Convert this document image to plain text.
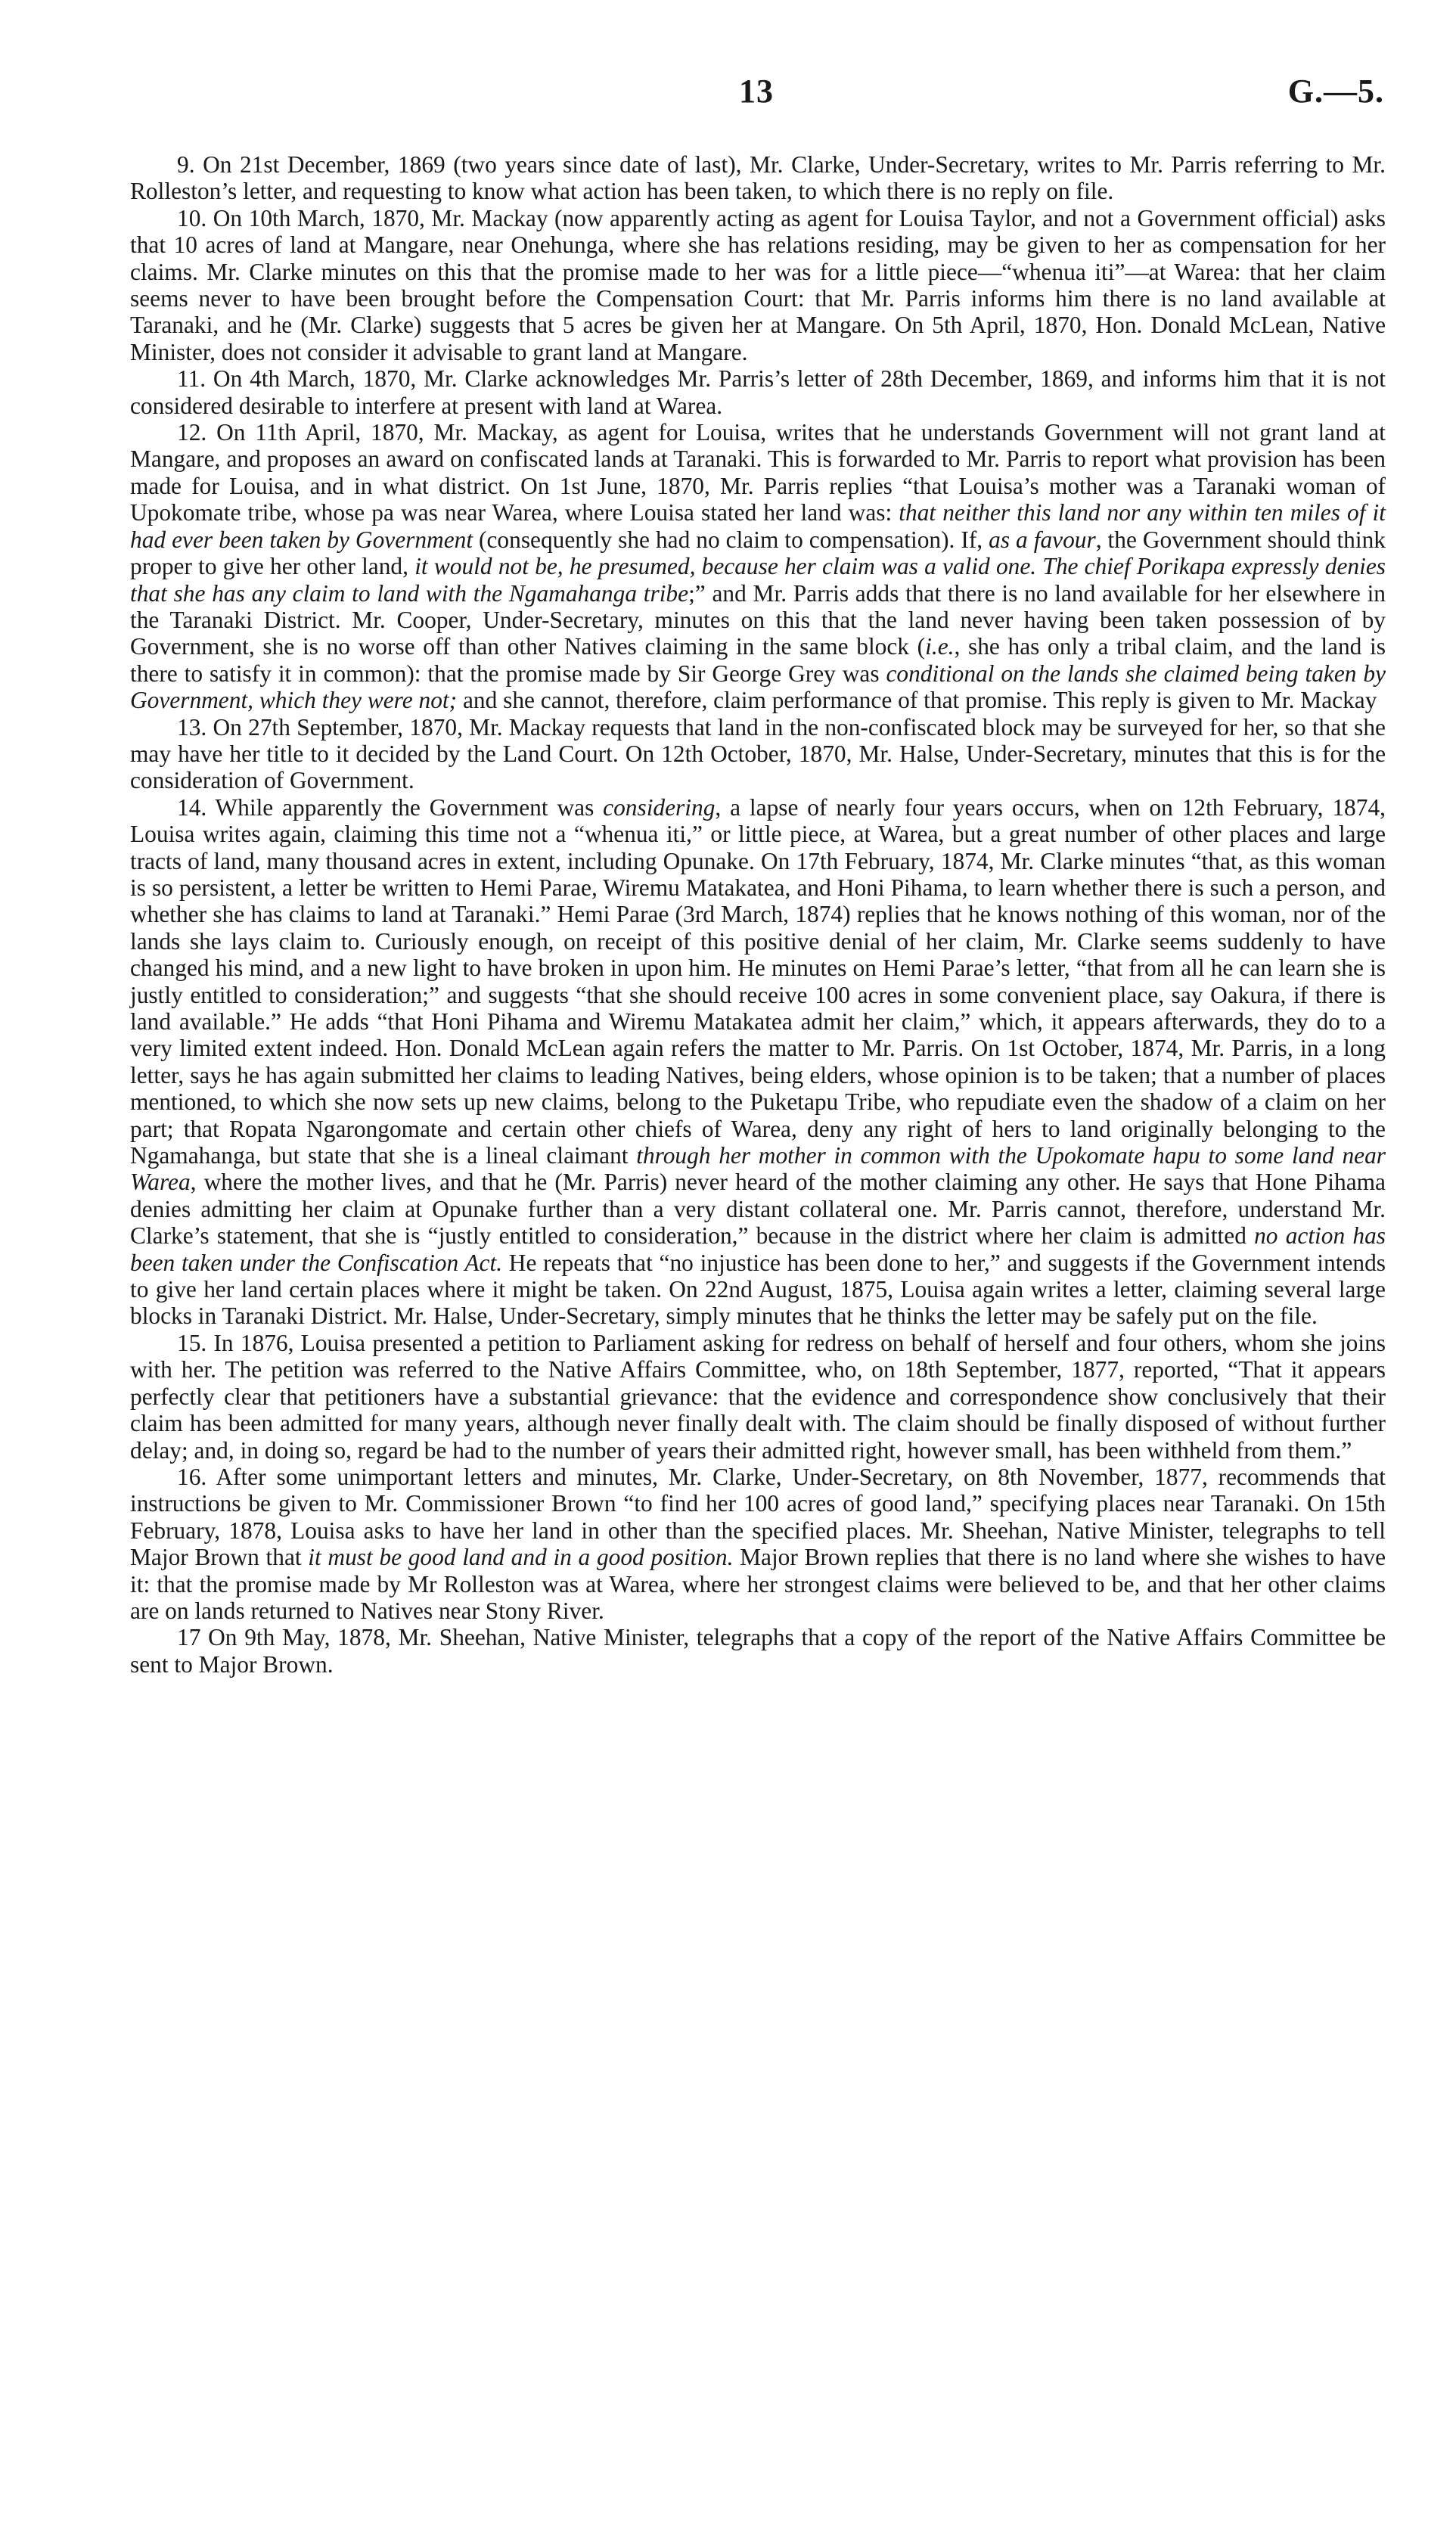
13	G.—5.

9. On 21st December, 1869 (two years since date of last), Mr. Clarke, Under-Secretary, writes to Mr. Parris referring to Mr. Rolleston’s letter, and requesting to know what action has been taken, to which there is no reply on file.

10. On 10th March, 1870, Mr. Mackay (now apparently acting as agent for Louisa Taylor, and not a Government official) asks that 10 acres of land at Mangare, near Onehunga, where she has relations residing, may be given to her as compensation for her claims. Mr. Clarke minutes on this that the promise made to her was for a little piece—“whenua iti”—at Warea: that her claim seems never to have been brought before the Compensation Court: that Mr. Parris informs him there is no land available at Taranaki, and he (Mr. Clarke) suggests that 5 acres be given her at Mangare. On 5th April, 1870, Hon. Donald McLean, Native Minister, does not consider it advisable to grant land at Mangare.

11. On 4th March, 1870, Mr. Clarke acknowledges Mr. Parris’s letter of 28th December, 1869, and informs him that it is not considered desirable to interfere at present with land at Warea.

12. On 11th April, 1870, Mr. Mackay, as agent for Louisa, writes that he understands Government will not grant land at Mangare, and proposes an award on confiscated lands at Taranaki. This is forwarded to Mr. Parris to report what provision has been made for Louisa, and in what district. On 1st June, 1870, Mr. Parris replies “that Louisa’s mother was a Taranaki woman of Upokomate tribe, whose pa was near Warea, where Louisa stated her land was: that neither this land nor any within ten miles of it had ever been taken by Government (consequently she had no claim to compensation). If, as a favour, the Government should think proper to give her other land, it would not be, he presumed, because her claim was a valid one. The chief Porikapa expressly denies that she has any claim to land with the Ngamahanga tribe;” and Mr. Parris adds that there is no land available for her elsewhere in the Taranaki District. Mr. Cooper, Under-Secretary, minutes on this that the land never having been taken possession of by Government, she is no worse off than other Natives claiming in the same block (i.e., she has only a tribal claim, and the land is there to satisfy it in common): that the promise made by Sir George Grey was conditional on the lands she claimed being taken by Government, which they were not; and she cannot, therefore, claim performance of that promise. This reply is given to Mr. Mackay

13. On 27th September, 1870, Mr. Mackay requests that land in the non-confiscated block may be surveyed for her, so that she may have her title to it decided by the Land Court. On 12th October, 1870, Mr. Halse, Under-Secretary, minutes that this is for the consideration of Government.

14. While apparently the Government was considering, a lapse of nearly four years occurs, when on 12th February, 1874, Louisa writes again, claiming this time not a “whenua iti,” or little piece, at Warea, but a great number of other places and large tracts of land, many thousand acres in extent, including Opunake. On 17th February, 1874, Mr. Clarke minutes “that, as this woman is so persistent, a letter be written to Hemi Parae, Wiremu Matakatea, and Honi Pihama, to learn whether there is such a person, and whether she has claims to land at Taranaki.” Hemi Parae (3rd March, 1874) replies that he knows nothing of this woman, nor of the lands she lays claim to. Curiously enough, on receipt of this positive denial of her claim, Mr. Clarke seems suddenly to have changed his mind, and a new light to have broken in upon him. He minutes on Hemi Parae’s letter, “that from all he can learn she is justly entitled to consideration;” and suggests “that she should receive 100 acres in some convenient place, say Oakura, if there is land available.” He adds “that Honi Pihama and Wiremu Matakatea admit her claim,” which, it appears afterwards, they do to a very limited extent indeed. Hon. Donald McLean again refers the matter to Mr. Parris. On 1st October, 1874, Mr. Parris, in a long letter, says he has again submitted her claims to leading Natives, being elders, whose opinion is to be taken; that a number of places mentioned, to which she now sets up new claims, belong to the Puketapu Tribe, who repudiate even the shadow of a claim on her part; that Ropata Ngarongomate and certain other chiefs of Warea, deny any right of hers to land originally belonging to the Ngamahanga, but state that she is a lineal claimant through her mother in common with the Upokomate hapu to some land near Warea, where the mother lives, and that he (Mr. Parris) never heard of the mother claiming any other. He says that Hone Pihama denies admitting her claim at Opunake further than a very distant collateral one. Mr. Parris cannot, therefore, understand Mr. Clarke’s statement, that she is “justly entitled to consideration,” because in the district where her claim is admitted no action has been taken under the Confiscation Act. He repeats that “no injustice has been done to her,” and suggests if the Government intends to give her land certain places where it might be taken. On 22nd August, 1875, Louisa again writes a letter, claiming several large blocks in Taranaki District. Mr. Halse, Under-Secretary, simply minutes that he thinks the letter may be safely put on the file.

15. In 1876, Louisa presented a petition to Parliament asking for redress on behalf of herself and four others, whom she joins with her. The petition was referred to the Native Affairs Committee, who, on 18th September, 1877, reported, “That it appears perfectly clear that petitioners have a substantial grievance: that the evidence and correspondence show conclusively that their claim has been admitted for many years, although never finally dealt with. The claim should be finally disposed of without further delay; and, in doing so, regard be had to the number of years their admitted right, however small, has been withheld from them.”

16. After some unimportant letters and minutes, Mr. Clarke, Under-Secretary, on 8th November, 1877, recommends that instructions be given to Mr. Commissioner Brown “to find her 100 acres of good land,” specifying places near Taranaki. On 15th February, 1878, Louisa asks to have her land in other than the specified places. Mr. Sheehan, Native Minister, telegraphs to tell Major Brown that it must be good land and in a good position. Major Brown replies that there is no land where she wishes to have it: that the promise made by Mr Rolleston was at Warea, where her strongest claims were believed to be, and that her other claims are on lands returned to Natives near Stony River.

17 On 9th May, 1878, Mr. Sheehan, Native Minister, telegraphs that a copy of the report of the Native Affairs Committee be sent to Major Brown.
